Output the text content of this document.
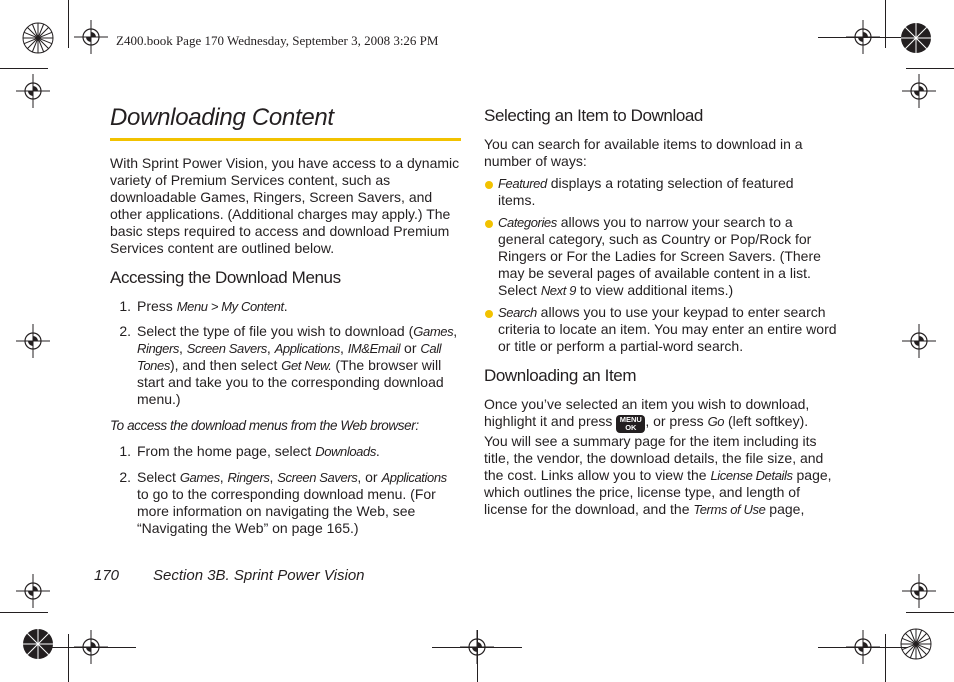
Z400.book Page 170 Wednesday, September 3, 2008 3:26 PM
Downloading Content
With Sprint Power Vision, you have access to a dynamic variety of Premium Services content, such as downloadable Games, Ringers, Screen Savers, and other applications. (Additional charges may apply.) The basic steps required to access and download Premium Services content are outlined below.
Accessing the Download Menus
1. Press Menu > My Content.
2. Select the type of file you wish to download (Games, Ringers, Screen Savers, Applications, IM&Email or Call Tones), and then select Get New. (The browser will start and take you to the corresponding download menu.)
To access the download menus from the Web browser:
1. From the home page, select Downloads.
2. Select Games, Ringers, Screen Savers, or Applications to go to the corresponding download menu. (For more information on navigating the Web, see “Navigating the Web” on page 165.)
Selecting an Item to Download
You can search for available items to download in a number of ways:
Featured displays a rotating selection of featured items.
Categories allows you to narrow your search to a general category, such as Country or Pop/Rock for Ringers or For the Ladies for Screen Savers. (There may be several pages of available content in a list. Select Next 9 to view additional items.)
Search allows you to use your keypad to enter search criteria to locate an item. You may enter an entire word or title or perform a partial-word search.
Downloading an Item
Once you’ve selected an item you wish to download, highlight it and press MENU
OK , or press Go (left softkey). You will see a summary page for the item including its title, the vendor, the download details, the file size, and the cost. Links allow you to view the License Details page, which outlines the price, license type, and length of license for the download, and the Terms of Use page,
170 Section 3B. Sprint Power Vision
